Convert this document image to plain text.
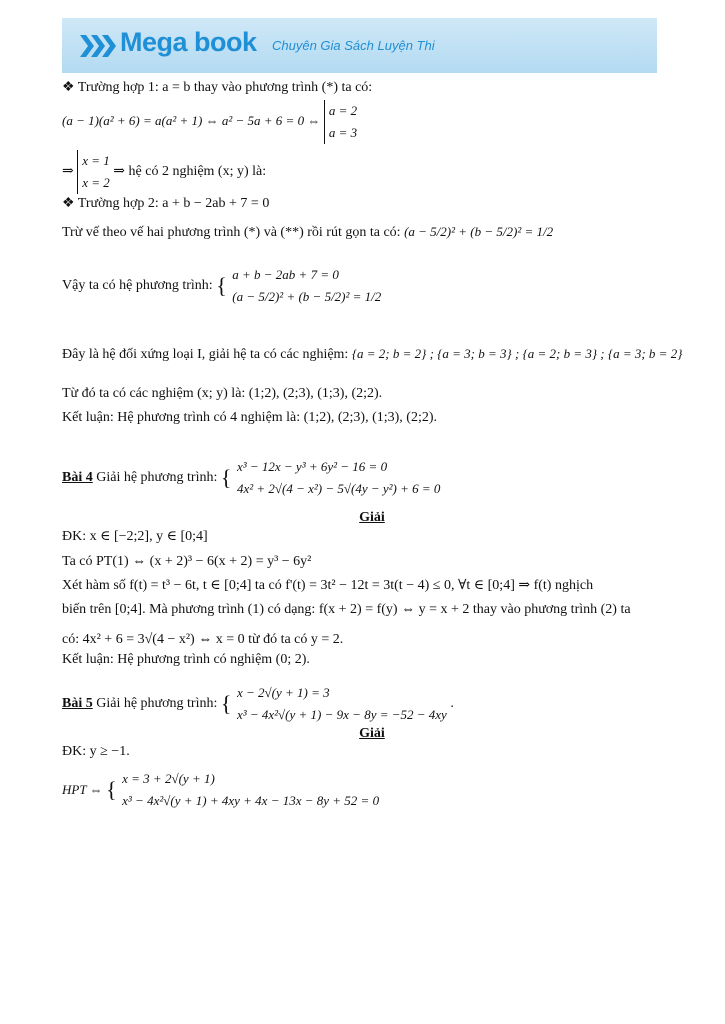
Mega book Chuyên Gia Sách Luyện Thi
❖ Trường hợp 1: a = b thay vào phương trình (*) ta có:
(a − 1)(a² + 6) = a(a² + 1) ⇔ a² − 5a + 6 = 0 ⇔
a = 2
a = 3
⇒
x = 1
x = 2
⇒ hệ có 2 nghiệm (x; y) là:
❖ Trường hợp 2: a + b − 2ab + 7 = 0
Trừ vế theo vế hai phương trình (*) và (**) rồi rút gọn ta có: (a − 5/2)² + (b − 5/2)² = 1/2
Vậy ta có hệ phương trình: { a + b − 2ab + 7 = 0
(a − 5/2)² + (b − 5/2)² = 1/2
Đây là hệ đối xứng loại I, giải hệ ta có các nghiệm: {a = 2; b = 2} ; {a = 3; b = 3} ; {a = 2; b = 3} ; {a = 3; b = 2}
Từ đó ta có các nghiệm (x; y) là: (1;2), (2;3), (1;3), (2;2).
Kết luận: Hệ phương trình có 4 nghiệm là: (1;2), (2;3), (1;3), (2;2).
Bài 4 Giải hệ phương trình: { x³ − 12x − y³ + 6y² − 16 = 0
4x² + 2√(4 − x²) − 5√(4y − y²) + 6 = 0
Giải
ĐK: x ∈ [−2;2], y ∈ [0;4]
Ta có PT(1) ⇔ (x + 2)³ − 6(x + 2) = y³ − 6y²
Xét hàm số f(t) = t³ − 6t, t ∈ [0;4] ta có f'(t) = 3t² − 12t = 3t(t − 4) ≤ 0, ∀t ∈ [0;4] ⇒ f(t) nghịch
biến trên [0;4]. Mà phương trình (1) có dạng: f(x + 2) = f(y) ⇔ y = x + 2 thay vào phương trình (2) ta
có: 4x² + 6 = 3√(4 − x²) ⇔ x = 0 từ đó ta có y = 2.
Kết luận: Hệ phương trình có nghiệm (0; 2).
Bài 5 Giải hệ phương trình: { x − 2√(y + 1) = 3
x³ − 4x²√(y + 1) − 9x − 8y = −52 − 4xy
.
Giải
ĐK: y ≥ −1.
HPT ⇔ { x = 3 + 2√(y + 1)
x³ − 4x²√(y + 1) + 4xy + 4x − 13x − 8y + 52 = 0
